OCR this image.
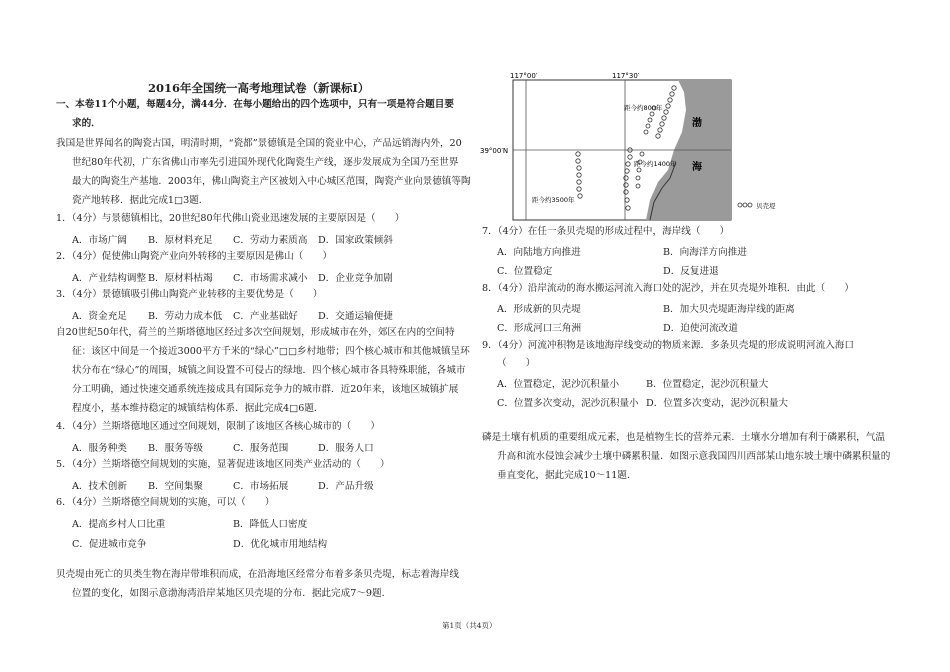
2016年全国统一高考地理试卷（新课标I）
一、本卷11个小题，每题4分，满44分．在每小题给出的四个选项中，只有一项是符合题目要
求的．
我国是世界闻名的陶瓷古国，明清时期，“瓷都”景德镇是全国的瓷业中心，产品远销海内外，20
世纪80年代初，广东省佛山市率先引进国外现代化陶瓷生产线，逐步发展成为全国乃至世界
最大的陶瓷生产基地．2003年，佛山陶瓷主产区被划入中心城区范围，陶瓷产业向景德镇等陶
瓷产地转移．据此完成1□3题．
1．（4分）与景德镇相比，20世纪80年代佛山瓷业迅速发展的主要原因是（　　）
A．市场广阔 B．原材料充足 C．劳动力素质高 D．国家政策倾斜
2．（4分）促使佛山陶瓷产业向外转移的主要原因是佛山（　　）
A．产业结构调整 B．原材料枯竭 C．市场需求减小 D．企业竞争加剧
3．（4分）景德镇吸引佛山陶瓷产业转移的主要优势是（　　）
A．资金充足 B．劳动力成本低 C．产业基础好 D．交通运输便捷
自20世纪50年代，荷兰的兰斯塔德地区经过多次空间规划，形成城市在外，郊区在内的空间特
征：该区中间是一个接近3000平方千米的“绿心”□□乡村地带；四个核心城市和其他城镇呈环
状分布在“绿心”的周围，城镇之间设置不可侵占的绿地．四个核心城市各具特殊职能，各城市
分工明确，通过快速交通系统连接成具有国际竞争力的城市群．近20年来，该地区城镇扩展
程度小，基本维持稳定的城镇结构体系．据此完成4□6题．
4．（4分）兰斯塔德地区通过空间规划，限制了该地区各核心城市的（　　）
A．服务种类 B．服务等级	C．服务范围	D．服务人口
5．（4分）兰斯塔德空间规划的实施，显著促进该地区同类产业活动的（　　）
A．技术创新 B．空间集聚	C．市场拓展	D．产品升级
6．（4分）兰斯塔德空间规划的实施，可以（　　）
A．提高乡村人口比重	B．降低人口密度
C．促进城市竞争	D．优化城市用地结构
贝壳堤由死亡的贝类生物在海岸带堆积而成，在沿海地区经常分布着多条贝壳堤，标志着海岸线
位置的变化，如图示意渤海湾沿岸某地区贝壳堤的分布．据此完成7～9题．
117°00′	117°30′
39°00′N
距今约800年
距今约1400年
距今约3500年
渤
海
贝壳堤
7．（4分）在任一条贝壳堤的形成过程中，海岸线（　　）
A．向陆地方向推进	B．向海洋方向推进
C．位置稳定	D．反复进退
8．（4分）沿岸流动的海水搬运河流入海口处的泥沙，并在贝壳堤外堆积．由此（　　）
A．形成新的贝壳堤	B．加大贝壳堤距海岸线的距离
C．形成河口三角洲	D．迫使河流改道
9．（4分）河流冲积物是该地海岸线变动的物质来源．多条贝壳堤的形成说明河流入海口
（　　）
A．位置稳定，泥沙沉积量小	B．位置稳定，泥沙沉积量大
C．位置多次变动，泥沙沉积量小 D．位置多次变动，泥沙沉积量大
磷是土壤有机质的重要组成元素，也是植物生长的营养元素．土壤水分增加有利于磷累积，气温
升高和流水侵蚀会减少土壤中磷累积量．如图示意我国四川西部某山地东坡土壤中磷累积量的
垂直变化，据此完成10～11题．
第1页（共4页）
